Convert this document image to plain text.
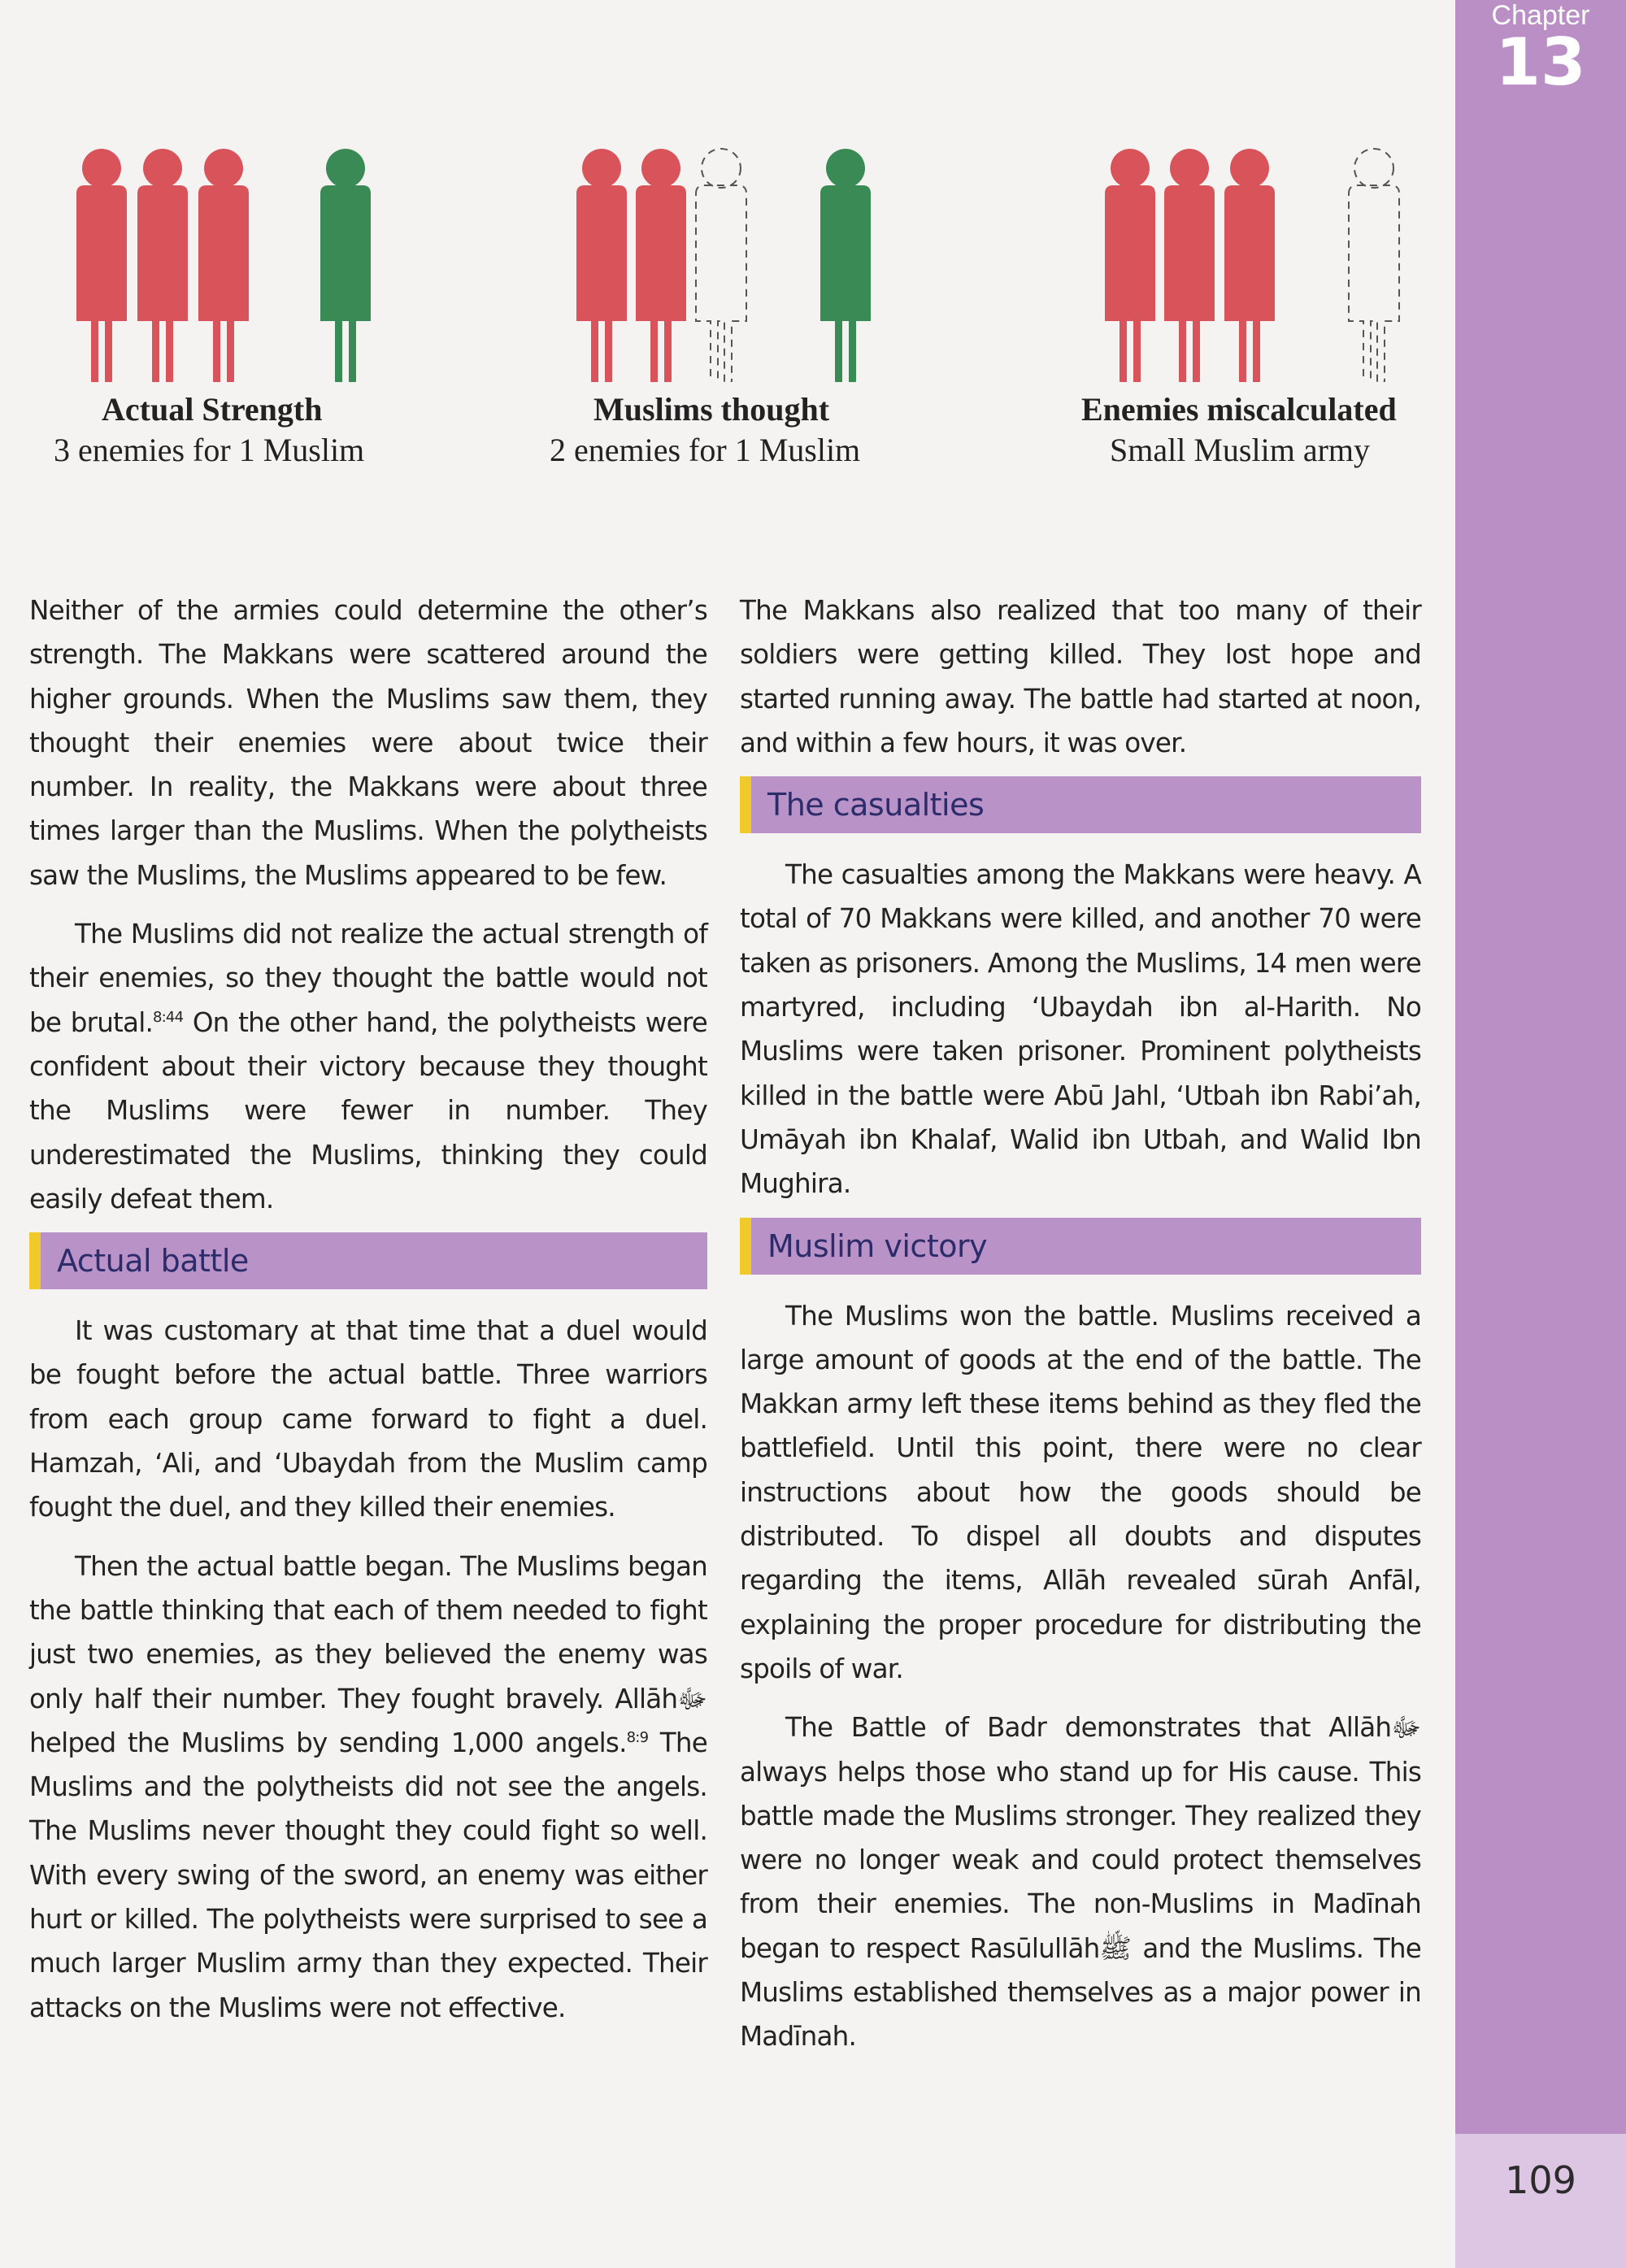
Chapter
13
109
Actual Strength
3 enemies for 1 Muslim
Muslims thought
2 enemies for 1 Muslim
Enemies miscalculated
Small Muslim army

Neither of the armies could determine the other’s strength. The Makkans were scattered around the higher grounds. When the Muslims saw them, they thought their enemies were about twice their number. In reality, the Makkans were about three times larger than the Muslims. When the polytheists saw the Muslims, the Muslims appeared to be few.

The Muslims did not realize the actual strength of their enemies, so they thought the battle would not be brutal.$^{8:44}$ On the other hand, the polytheists were confident about their victory because they thought the Muslims were fewer in number. They underestimated the Muslims, thinking they could easily defeat them.

Actual battle

It was customary at that time that a duel would be fought before the actual battle. Three warriors from each group came forward to fight a duel. Hamzah, ‘Ali, and ‘Ubaydah from the Muslim camp fought the duel, and they killed their enemies.

Then the actual battle began. The Muslims began the battle thinking that each of them needed to fight just two enemies, as they believed the enemy was only half their number. They fought bravely. Allāhﷻ helped the Muslims by sending 1,000 angels.$^{8:9}$ The Muslims and the polytheists did not see the angels. The Muslims never thought they could fight so well. With every swing of the sword, an enemy was either hurt or killed. The polytheists were surprised to see a much larger Muslim army than they expected. Their attacks on the Muslims were not effective.

The Makkans also realized that too many of their soldiers were getting killed. They lost hope and started running away. The battle had started at noon, and within a few hours, it was over.

The casualties

The casualties among the Makkans were heavy. A total of 70 Makkans were killed, and another 70 were taken as prisoners. Among the Muslims, 14 men were martyred, including ‘Ubaydah ibn al-Harith. No Muslims were taken prisoner. Prominent polytheists killed in the battle were Abū Jahl, ‘Utbah ibn Rabi’ah, Umāyah ibn Khalaf, Walid ibn Utbah, and Walid Ibn Mughira.

Muslim victory

The Muslims won the battle. Muslims received a large amount of goods at the end of the battle. The Makkan army left these items behind as they fled the battlefield. Until this point, there were no clear instructions about how the goods should be distributed. To dispel all doubts and disputes regarding the items, Allāh revealed sūrah Anfāl, explaining the proper procedure for distributing the spoils of war.

The Battle of Badr demonstrates that Allāhﷻ always helps those who stand up for His cause. This battle made the Muslims stronger. They realized they were no longer weak and could protect themselves from their enemies. The non-Muslims in Madīnah began to respect Rasūlullāhﷺ and the Muslims. The Muslims established themselves as a major power in Madīnah.
